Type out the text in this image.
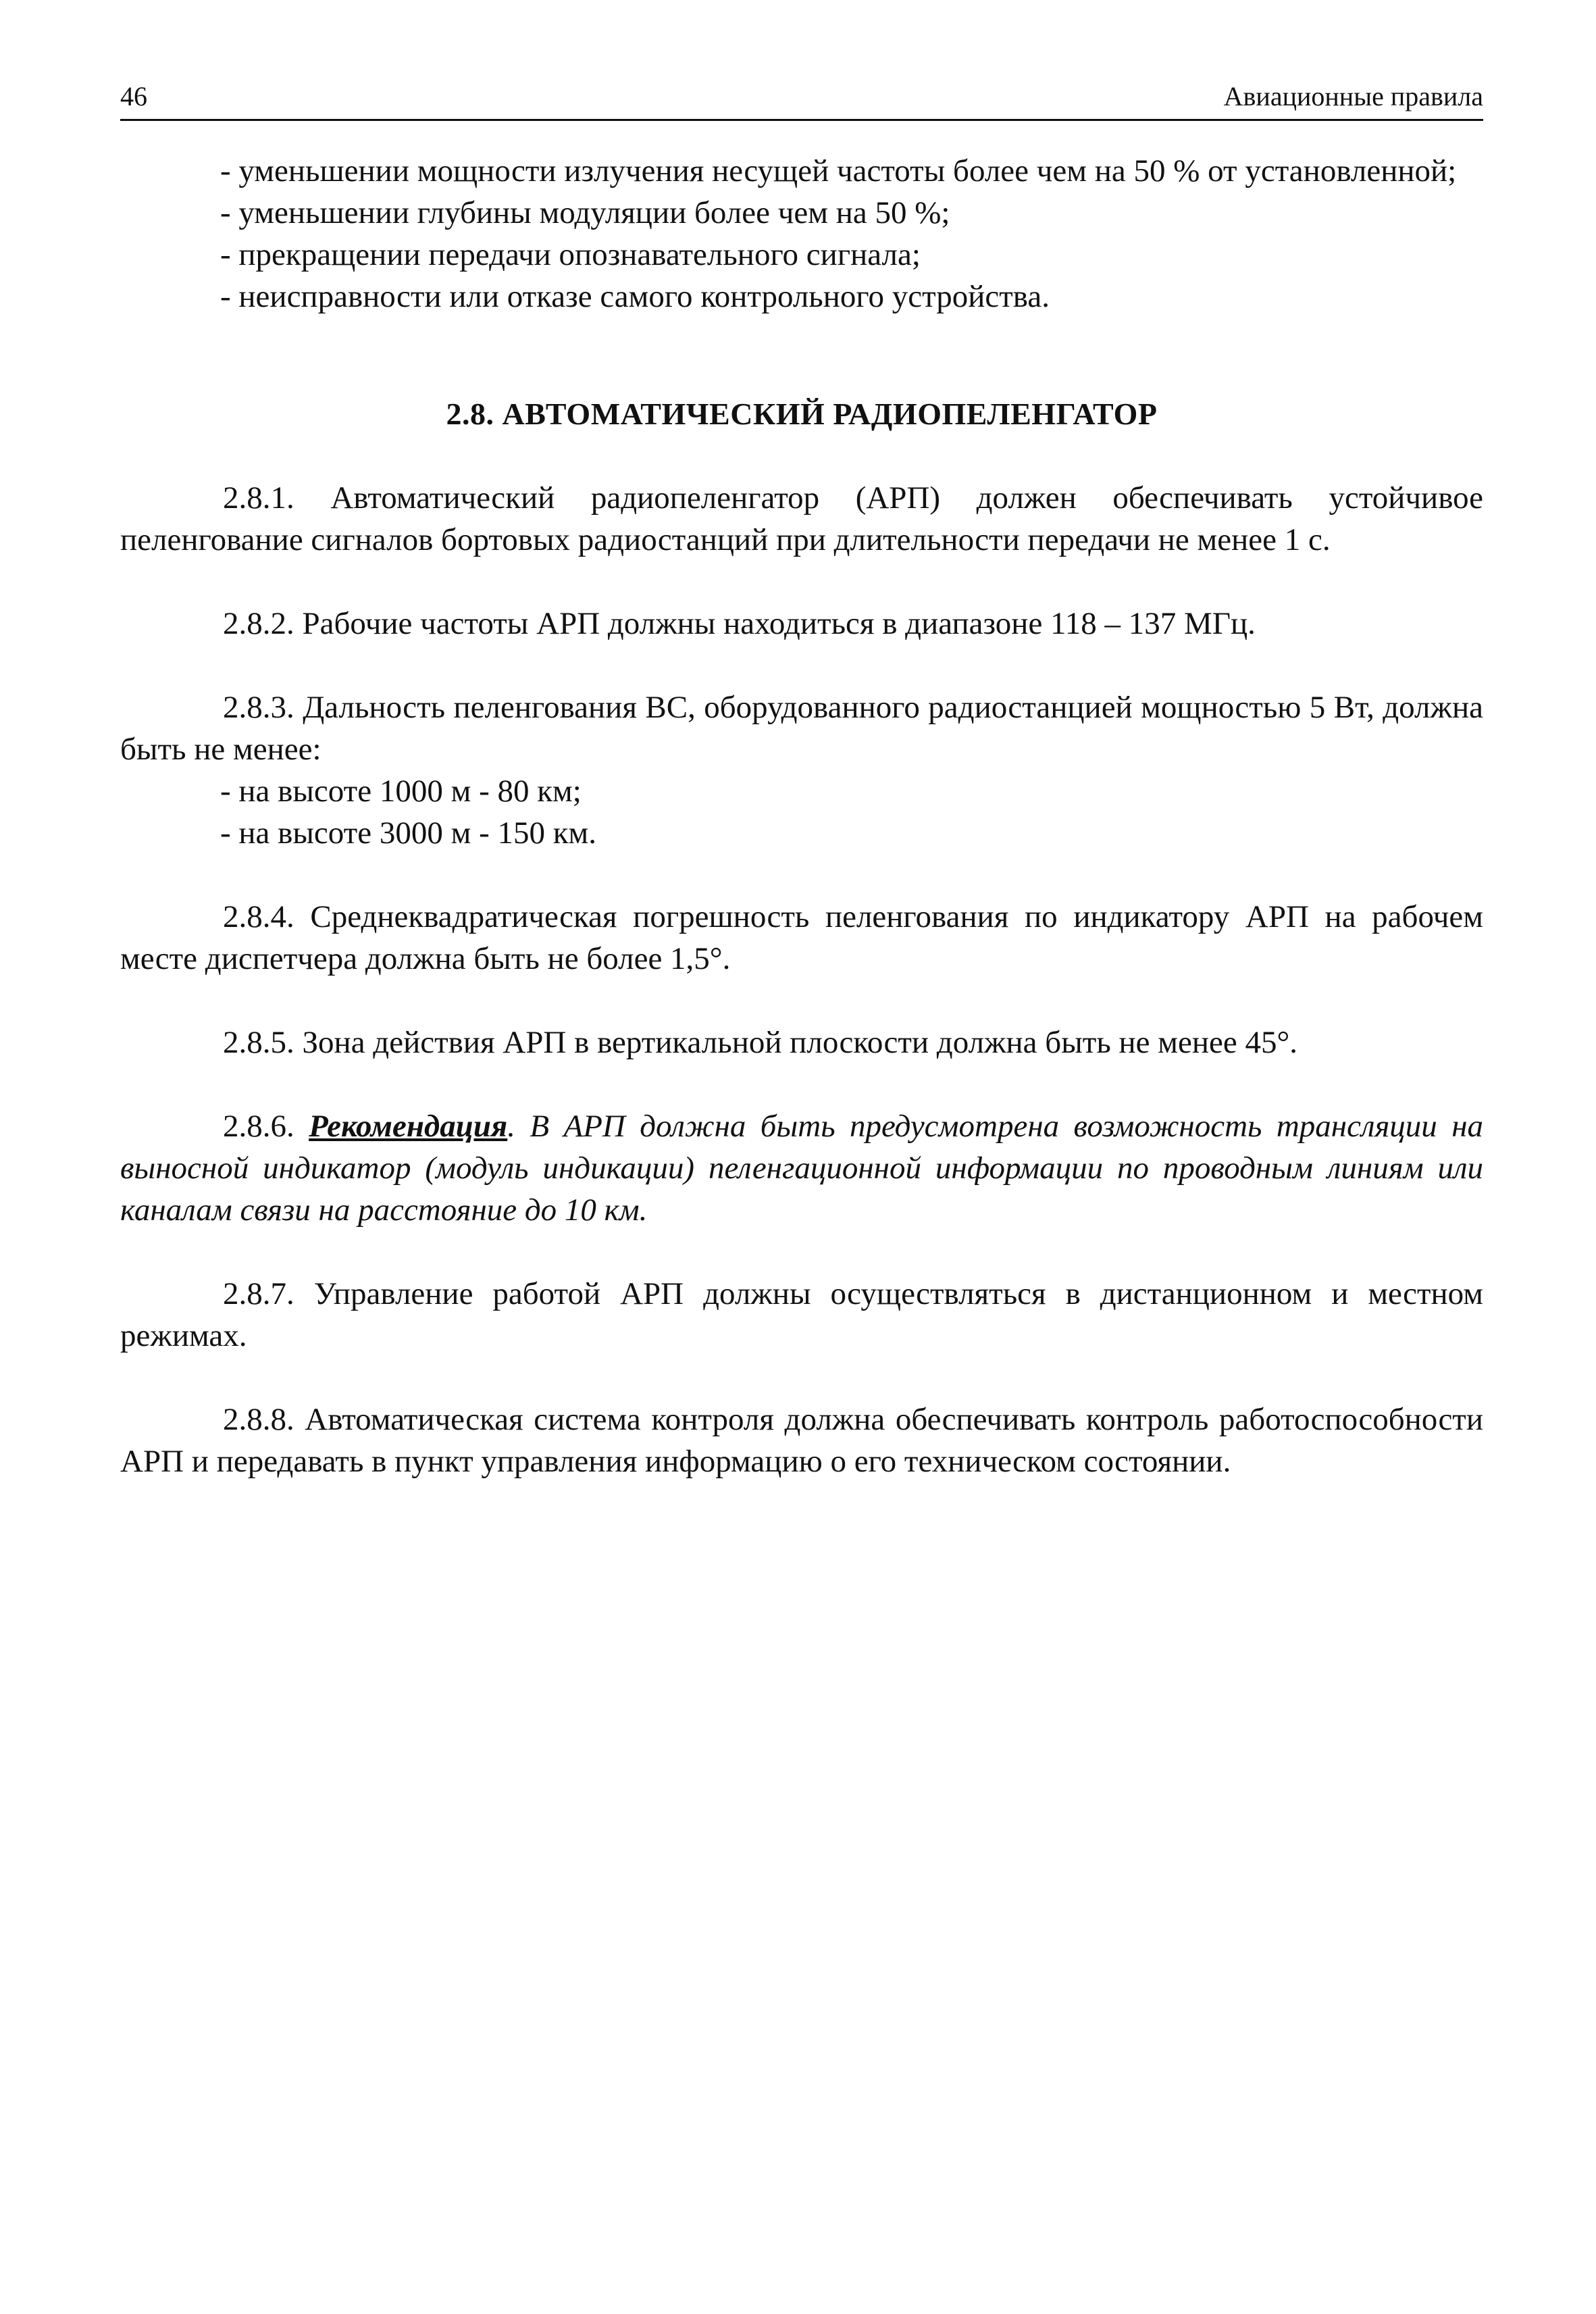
46	Авиационные правила

- уменьшении мощности излучения несущей частоты более чем на 50 % от установленной;

- уменьшении глубины модуляции более чем на 50 %;

- прекращении передачи опознавательного сигнала;

- неисправности или отказе самого контрольного устройства.

2.8. АВТОМАТИЧЕСКИЙ РАДИОПЕЛЕНГАТОР

2.8.1. Автоматический радиопеленгатор (АРП) должен обеспечивать устойчивое пеленгование сигналов бортовых радиостанций при длительности передачи не менее 1 с.

2.8.2. Рабочие частоты АРП должны находиться в диапазоне 118 – 137 МГц.

2.8.3. Дальность пеленгования ВС, оборудованного радиостанцией мощностью 5 Вт, должна быть не менее:

- на высоте 1000 м - 80 км;

- на высоте 3000 м - 150 км.

2.8.4. Среднеквадратическая погрешность пеленгования по индикатору АРП на рабочем месте диспетчера должна быть не более 1,5°.

2.8.5. Зона действия АРП в вертикальной плоскости должна быть не менее 45°.

2.8.6. Рекомендация. В АРП должна быть предусмотрена возможность трансляции на выносной индикатор (модуль индикации) пеленгационной информации по проводным линиям или каналам связи на расстояние до 10 км.

2.8.7. Управление работой АРП должны осуществляться в дистанционном и местном режимах.

2.8.8. Автоматическая система контроля должна обеспечивать контроль работоспособности АРП и передавать в пункт управления информацию о его техническом состоянии.
